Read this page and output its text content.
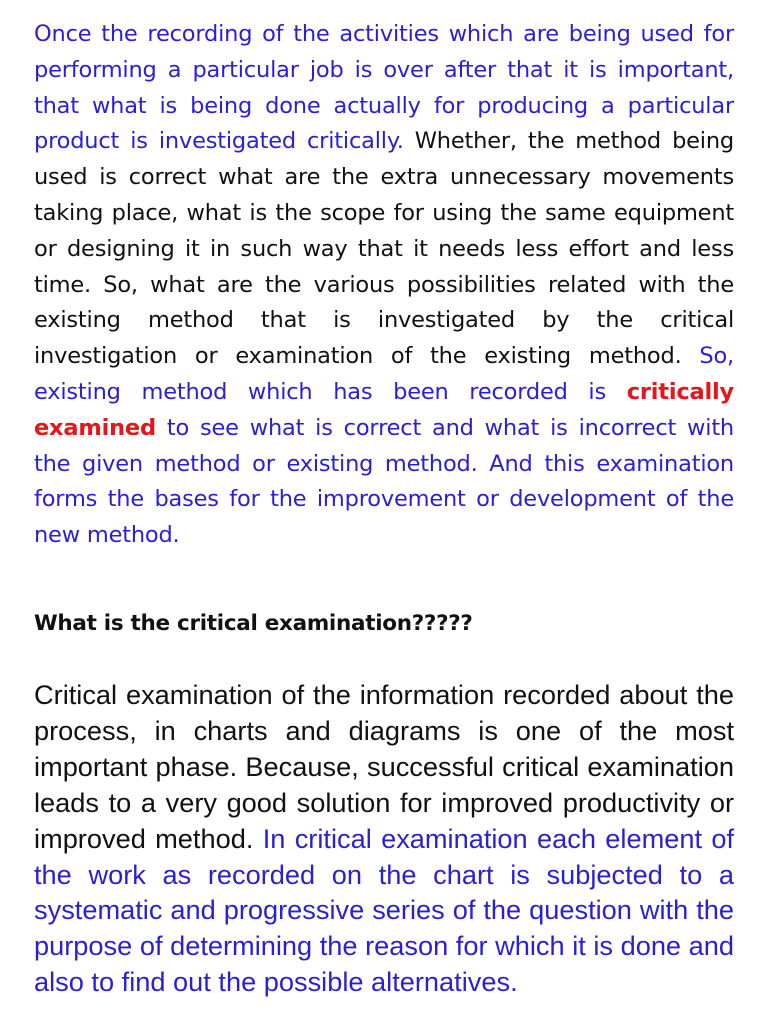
Once the recording of the activities which are being used for performing a particular job is over after that it is important, that what is being done actually for producing a particular product is investigated critically. Whether, the method being used is correct what are the extra unnecessary movements taking place, what is the scope for using the same equipment or designing it in such way that it needs less effort and less time. So, what are the various possibilities related with the existing method that is investigated by the critical investigation or examination of the existing method. So, existing method which has been recorded is critically examined to see what is correct and what is incorrect with the given method or existing method. And this examination forms the bases for the improvement or development of the new method.

What is the critical examination?????

Critical examination of the information recorded about the process, in charts and diagrams is one of the most important phase. Because, successful critical examination leads to a very good solution for improved productivity or improved method. In critical examination each element of the work as recorded on the chart is subjected to a systematic and progressive series of the question with the purpose of determining the reason for which it is done and also to find out the possible alternatives.
